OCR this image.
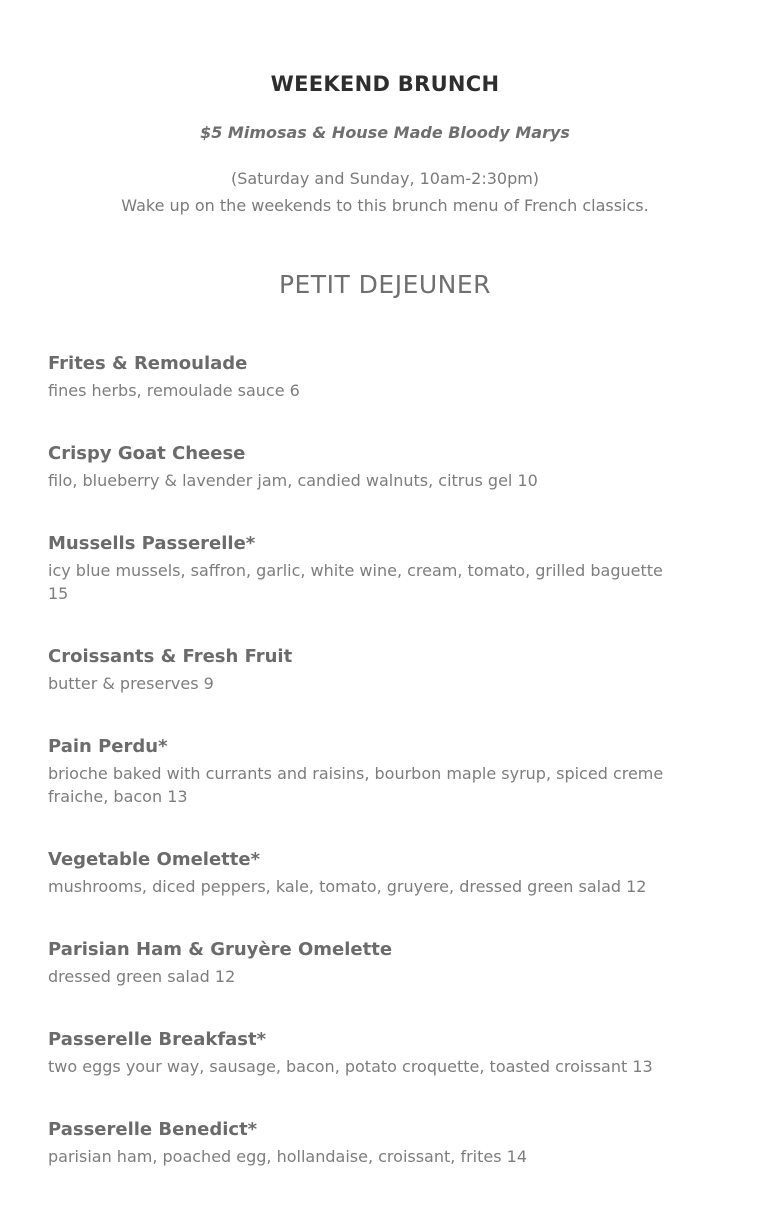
WEEKEND BRUNCH
$5 Mimosas & House Made Bloody Marys
(Saturday and Sunday, 10am-2:30pm)
Wake up on the weekends to this brunch menu of French classics.
PETIT DEJEUNER
Frites & Remoulade
fines herbs, remoulade sauce 6
Crispy Goat Cheese
filo, blueberry & lavender jam, candied walnuts, citrus gel 10
Mussells Passerelle*
icy blue mussels, saffron, garlic, white wine, cream, tomato, grilled baguette 15
Croissants & Fresh Fruit
butter & preserves 9
Pain Perdu*
brioche baked with currants and raisins, bourbon maple syrup, spiced creme fraiche, bacon 13
Vegetable Omelette*
mushrooms, diced peppers, kale, tomato, gruyere, dressed green salad 12
Parisian Ham & Gruyère Omelette
dressed green salad 12
Passerelle Breakfast*
two eggs your way, sausage, bacon, potato croquette, toasted croissant 13
Passerelle Benedict*
parisian ham, poached egg, hollandaise, croissant, frites 14
